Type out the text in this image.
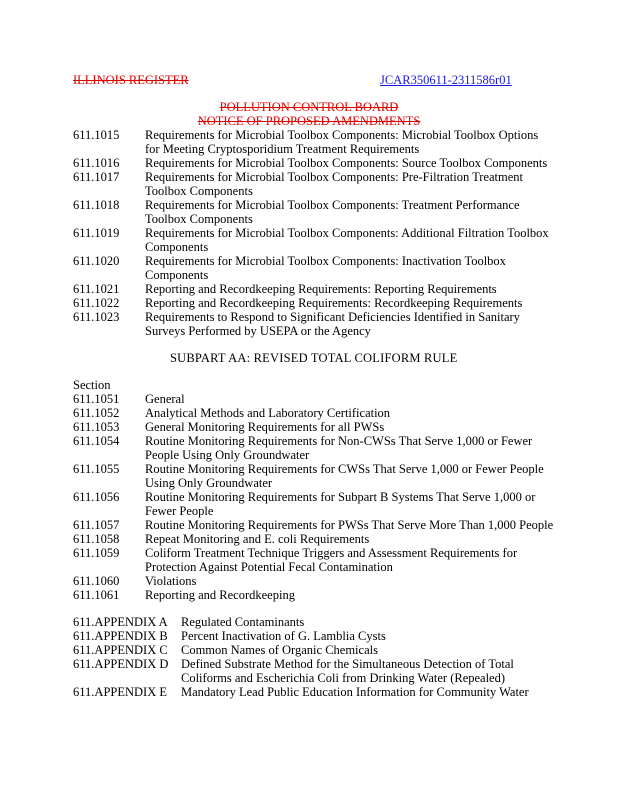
ILLINOIS REGISTER	JCAR350611-2311586r01
POLLUTION CONTROL BOARD
NOTICE OF PROPOSED AMENDMENTS
611.1015	Requirements for Microbial Toolbox Components: Microbial Toolbox Options
for Meeting Cryptosporidium Treatment Requirements
611.1016	Requirements for Microbial Toolbox Components: Source Toolbox Components
611.1017	Requirements for Microbial Toolbox Components: Pre-Filtration Treatment
Toolbox Components
611.1018	Requirements for Microbial Toolbox Components: Treatment Performance
Toolbox Components
611.1019	Requirements for Microbial Toolbox Components: Additional Filtration Toolbox
Components
611.1020	Requirements for Microbial Toolbox Components: Inactivation Toolbox
Components
611.1021	Reporting and Recordkeeping Requirements: Reporting Requirements
611.1022	Reporting and Recordkeeping Requirements: Recordkeeping Requirements
611.1023	Requirements to Respond to Significant Deficiencies Identified in Sanitary
Surveys Performed by USEPA or the Agency
SUBPART AA: REVISED TOTAL COLIFORM RULE
Section
611.1051	General
611.1052	Analytical Methods and Laboratory Certification
611.1053	General Monitoring Requirements for all PWSs
611.1054	Routine Monitoring Requirements for Non-CWSs That Serve 1,000 or Fewer
People Using Only Groundwater
611.1055	Routine Monitoring Requirements for CWSs That Serve 1,000 or Fewer People
Using Only Groundwater
611.1056	Routine Monitoring Requirements for Subpart B Systems That Serve 1,000 or
Fewer People
611.1057	Routine Monitoring Requirements for PWSs That Serve More Than 1,000 People
611.1058	Repeat Monitoring and E. coli Requirements
611.1059	Coliform Treatment Technique Triggers and Assessment Requirements for
Protection Against Potential Fecal Contamination
611.1060	Violations
611.1061	Reporting and Recordkeeping
611.APPENDIX A	Regulated Contaminants
611.APPENDIX B	Percent Inactivation of G. Lamblia Cysts
611.APPENDIX C	Common Names of Organic Chemicals
611.APPENDIX D	Defined Substrate Method for the Simultaneous Detection of Total
Coliforms and Escherichia Coli from Drinking Water (Repealed)
611.APPENDIX E	Mandatory Lead Public Education Information for Community Water
